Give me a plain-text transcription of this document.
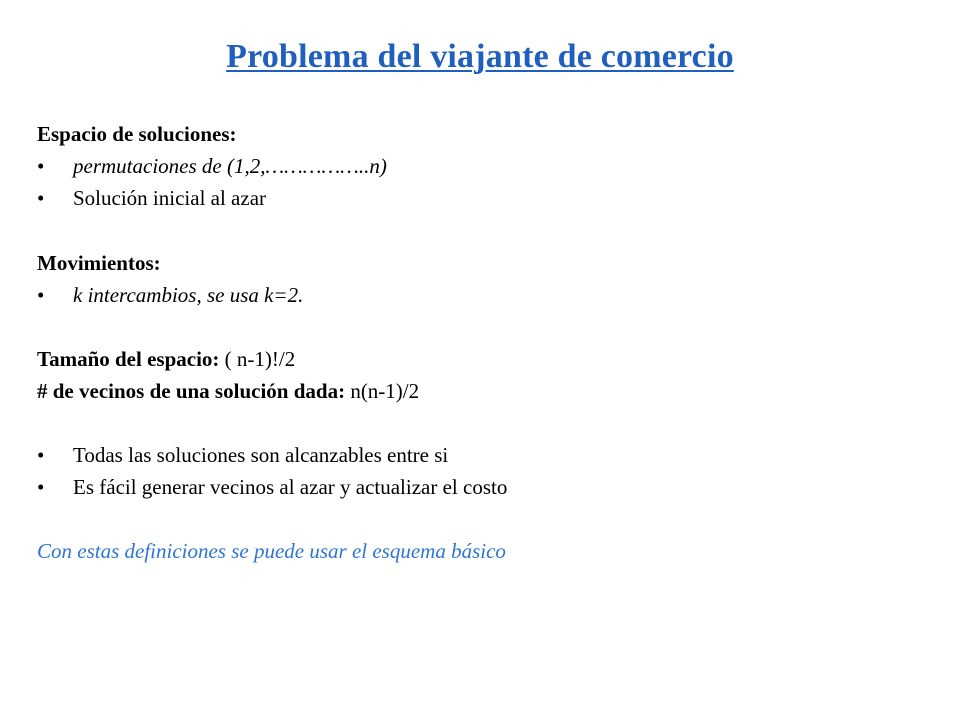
Problema del viajante de comercio
Espacio de soluciones:
• permutaciones de (1,2,……………..n)
• Solución inicial al azar
Movimientos:
• k intercambios, se usa k=2.
Tamaño del espacio: ( n-1)!/2
# de vecinos de una solución dada: n(n-1)/2
• Todas las soluciones son alcanzables entre si
• Es fácil generar vecinos al azar y actualizar el costo
Con estas definiciones se puede usar el esquema básico
